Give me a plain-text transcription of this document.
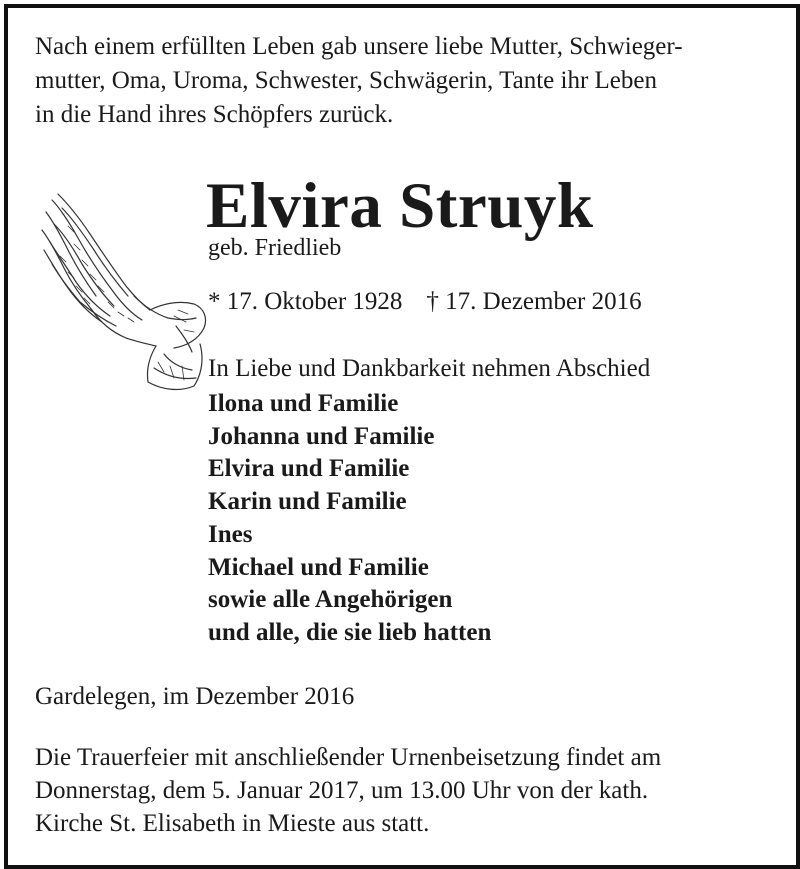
Nach einem erfüllten Leben gab unsere liebe Mutter, Schwieger-
mutter, Oma, Uroma, Schwester, Schwägerin, Tante ihr Leben
in die Hand ihres Schöpfers zurück.

Elvira Struyk
geb. Friedlieb
* 17. Oktober 1928 † 17. Dezember 2016
In Liebe und Dankbarkeit nehmen Abschied
Ilona und Familie
Johanna und Familie
Elvira und Familie
Karin und Familie
Ines
Michael und Familie
sowie alle Angehörigen
und alle, die sie lieb hatten
Gardelegen, im Dezember 2016

Die Trauerfeier mit anschließender Urnenbeisetzung findet am
Donnerstag, dem 5. Januar 2017, um 13.00 Uhr von der kath.
Kirche St. Elisabeth in Mieste aus statt.
